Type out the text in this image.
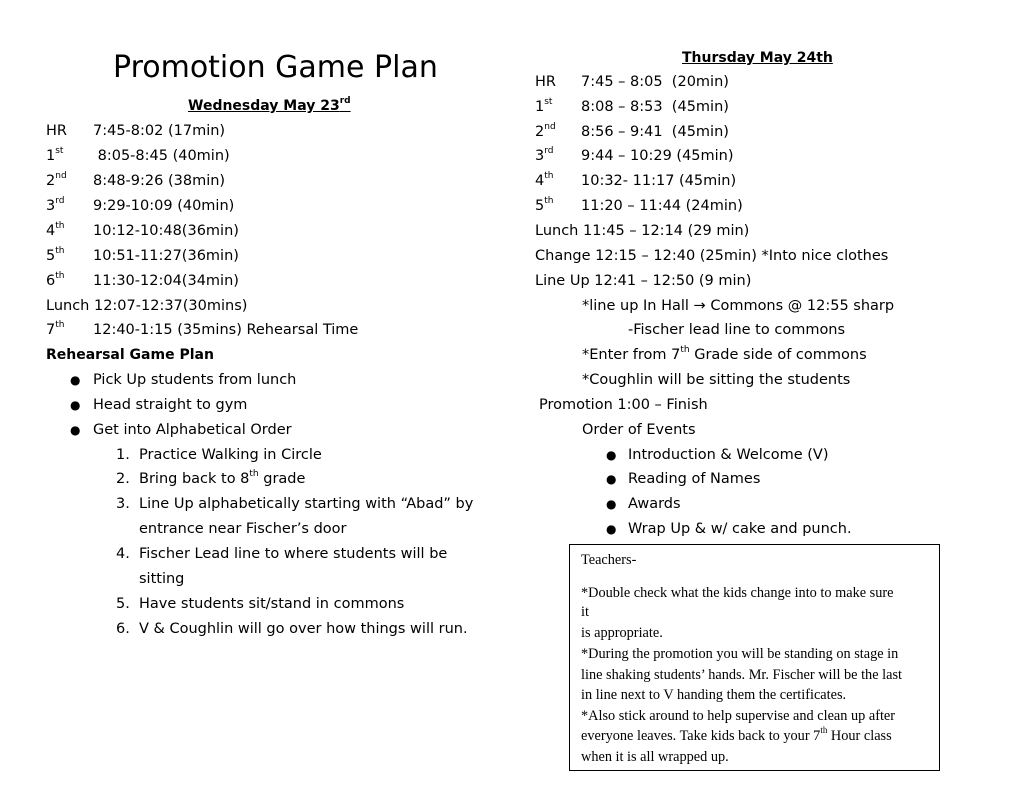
Promotion Game Plan
Wednesday May 23rd
HR 7:45-8:02 (17min)
1st 8:05-8:45 (40min)
2nd 8:48-9:26 (38min)
3rd 9:29-10:09 (40min)
4th 10:12-10:48(36min)
5th 10:51-11:27(36min)
6th 11:30-12:04(34min)
Lunch 12:07-12:37(30mins)
7th 12:40-1:15 (35mins) Rehearsal Time
Rehearsal Game Plan
● Pick Up students from lunch
● Head straight to gym
● Get into Alphabetical Order
1. Practice Walking in Circle
2. Bring back to 8th grade
3. Line Up alphabetically starting with “Abad” by
entrance near Fischer’s door
4. Fischer Lead line to where students will be
sitting
5. Have students sit/stand in commons
6. V & Coughlin will go over how things will run.
Thursday May 24th
HR 7:45 – 8:05  (20min)
1st 8:08 – 8:53  (45min)
2nd 8:56 – 9:41  (45min)
3rd 9:44 – 10:29 (45min)
4th 10:32- 11:17 (45min)
5th 11:20 – 11:44 (24min)
Lunch 11:45 – 12:14 (29 min)
Change 12:15 – 12:40 (25min) *Into nice clothes
Line Up 12:41 – 12:50 (9 min)
*line up In Hall → Commons @ 12:55 sharp
-Fischer lead line to commons
*Enter from 7th Grade side of commons
*Coughlin will be sitting the students
Promotion 1:00 – Finish
Order of Events
● Introduction & Welcome (V)
● Reading of Names
● Awards
● Wrap Up & w/ cake and punch.

Teachers-

*Double check what the kids change into to make sure

it

is appropriate.

*During the promotion you will be standing on stage in

line shaking students’ hands. Mr. Fischer will be the last

in line next to V handing them the certificates.

*Also stick around to help supervise and clean up after

everyone leaves. Take kids back to your 7th Hour class

when it is all wrapped up.
